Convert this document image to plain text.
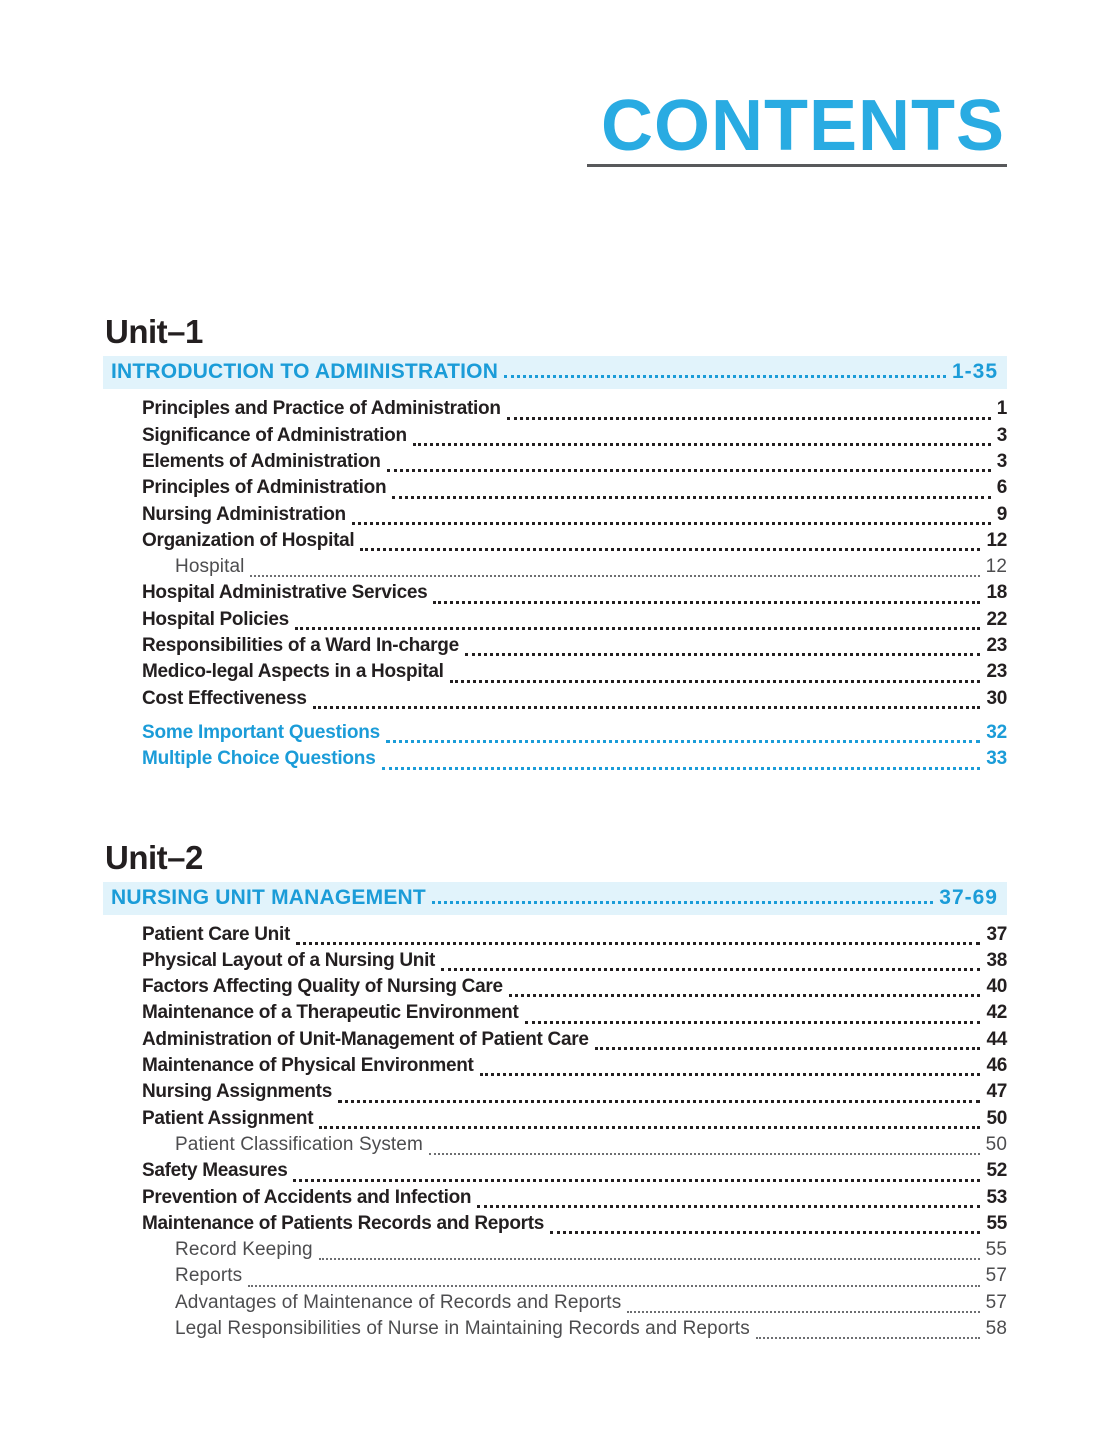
CONTENTS
Unit–1
INTRODUCTION TO ADMINISTRATION	1-35
Principles and Practice of Administration	1
Significance of Administration	3
Elements of Administration	3
Principles of Administration	6
Nursing Administration	9
Organization of Hospital	12
Hospital	12
Hospital Administrative Services	18
Hospital Policies	22
Responsibilities of a Ward In-charge	23
Medico-legal Aspects in a Hospital	23
Cost Effectiveness	30
Some Important Questions	32
Multiple Choice Questions	33
Unit–2
NURSING UNIT MANAGEMENT	37-69
Patient Care Unit	37
Physical Layout of a Nursing Unit	38
Factors Affecting Quality of Nursing Care	40
Maintenance of a Therapeutic Environment	42
Administration of Unit-Management of Patient Care	44
Maintenance of Physical Environment	46
Nursing Assignments	47
Patient Assignment	50
Patient Classification System	50
Safety Measures	52
Prevention of Accidents and Infection	53
Maintenance of Patients Records and Reports	55
Record Keeping	55
Reports	57
Advantages of Maintenance of Records and Reports	57
Legal Responsibilities of Nurse in Maintaining Records and Reports	58
